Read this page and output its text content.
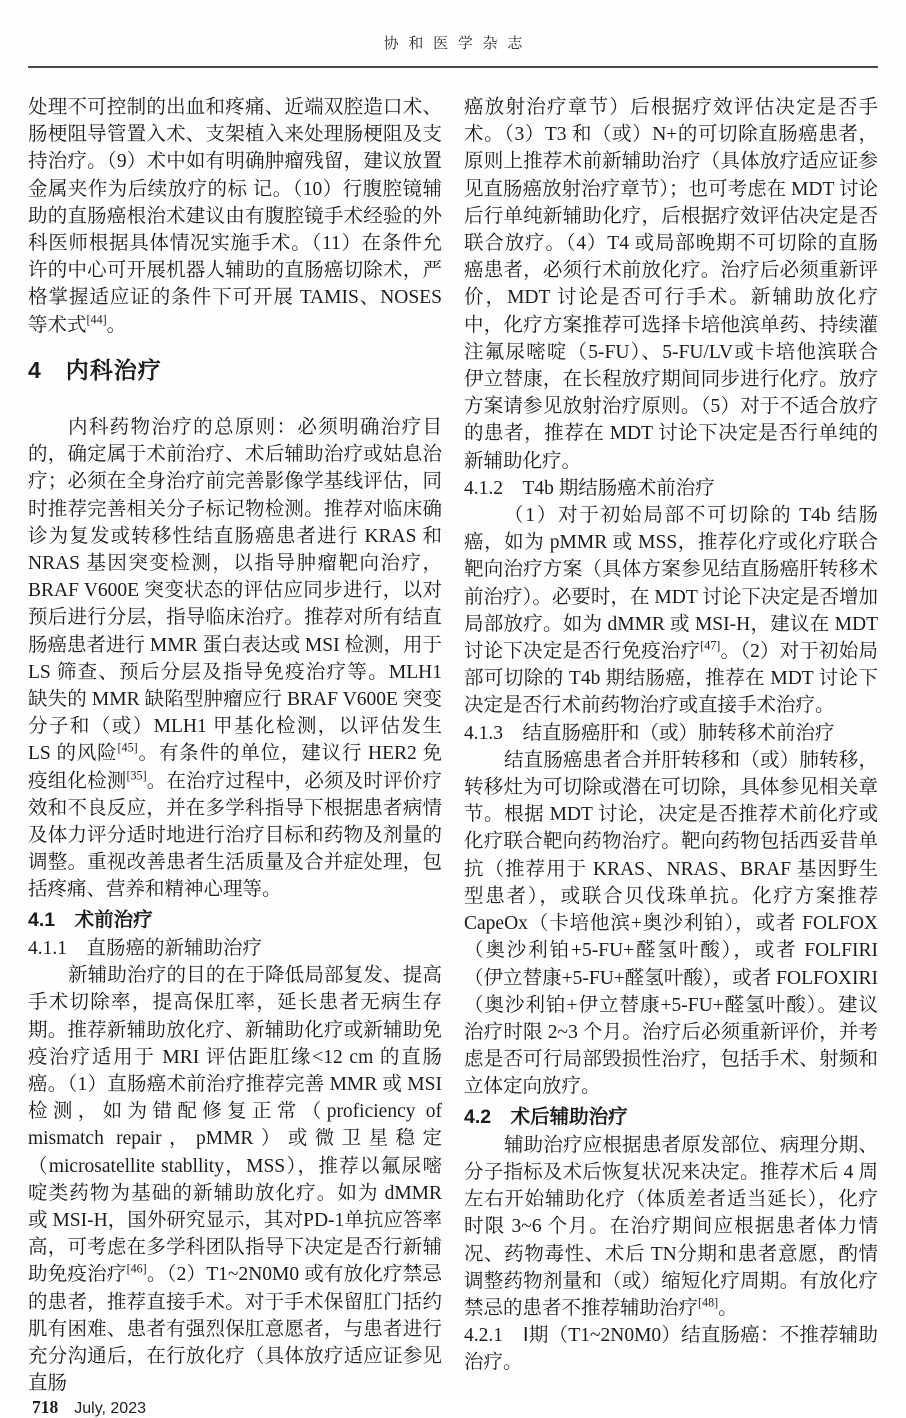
协和医学杂志

处理不可控制的出血和疼痛、近端双腔造口术、肠梗阻导管置入术、支架植入来处理肠梗阻及支持治疗。（9）术中如有明确肿瘤残留，建议放置金属夹作为后续放疗的标 记。（10）行腹腔镜辅助的直肠癌根治术建议由有腹腔镜手术经验的外科医师根据具体情况实施手术。（11）在条件允许的中心可开展机器人辅助的直肠癌切除术，严格掌握适应证的条件下可开展 TAMIS、NOSES 等术式[44]。

4　内科治疗

内科药物治疗的总原则：必须明确治疗目的，确定属于术前治疗、术后辅助治疗或姑息治疗；必须在全身治疗前完善影像学基线评估，同时推荐完善相关分子标记物检测。推荐对临床确诊为复发或转移性结直肠癌患者进行 KRAS 和 NRAS 基因突变检测，以指导肿瘤靶向治疗，BRAF V600E 突变状态的评估应同步进行，以对预后进行分层，指导临床治疗。推荐对所有结直肠癌患者进行 MMR 蛋白表达或 MSI 检测，用于 LS 筛查、预后分层及指导免疫治疗等。MLH1 缺失的 MMR 缺陷型肿瘤应行 BRAF V600E 突变分子和（或）MLH1 甲基化检测，以评估发生 LS 的风险[45]。有条件的单位，建议行 HER2 免疫组化检测[35]。在治疗过程中，必须及时评价疗效和不良反应，并在多学科指导下根据患者病情及体力评分适时地进行治疗目标和药物及剂量的调整。重视改善患者生活质量及合并症处理，包括疼痛、营养和精神心理等。

4.1　术前治疗
4.1.1　直肠癌的新辅助治疗

新辅助治疗的目的在于降低局部复发、提高手术切除率，提高保肛率，延长患者无病生存期。推荐新辅助放化疗、新辅助化疗或新辅助免疫治疗适用于 MRI 评估距肛缘<12 cm 的直肠癌。（1）直肠癌术前治疗推荐完善 MMR 或 MSI 检测，如为错配修复正常（proficiency of mismatch repair，pMMR）或微卫星稳定（microsatellite stabllity，MSS），推荐以氟尿嘧啶类药物为基础的新辅助放化疗。如为 dMMR 或 MSI-H，国外研究显示，其对PD-1单抗应答率高，可考虑在多学科团队指导下决定是否行新辅助免疫治疗[46]。（2）T1~2N0M0 或有放化疗禁忌的患者，推荐直接手术。对于手术保留肛门括约肌有困难、患者有强烈保肛意愿者，与患者进行充分沟通后，在行放化疗（具体放疗适应证参见直肠

癌放射治疗章节）后根据疗效评估决定是否手术。（3）T3 和（或）N+的可切除直肠癌患者，原则上推荐术前新辅助治疗（具体放疗适应证参见直肠癌放射治疗章节）；也可考虑在 MDT 讨论后行单纯新辅助化疗，后根据疗效评估决定是否联合放疗。（4）T4 或局部晚期不可切除的直肠癌患者，必须行术前放化疗。治疗后必须重新评价，MDT 讨论是否可行手术。新辅助放化疗中，化疗方案推荐可选择卡培他滨单药、持续灌注氟尿嘧啶（5-FU）、5-FU/LV或卡培他滨联合伊立替康，在长程放疗期间同步进行化疗。放疗方案请参见放射治疗原则。（5）对于不适合放疗的患者，推荐在 MDT 讨论下决定是否行单纯的新辅助化疗。

4.1.2　T4b 期结肠癌术前治疗

（1）对于初始局部不可切除的 T4b 结肠癌，如为 pMMR 或 MSS，推荐化疗或化疗联合靶向治疗方案（具体方案参见结直肠癌肝转移术前治疗）。必要时，在 MDT 讨论下决定是否增加局部放疗。如为 dMMR 或 MSI-H，建议在 MDT 讨论下决定是否行免疫治疗[47]。（2）对于初始局部可切除的 T4b 期结肠癌，推荐在 MDT 讨论下决定是否行术前药物治疗或直接手术治疗。

4.1.3　结直肠癌肝和（或）肺转移术前治疗

结直肠癌患者合并肝转移和（或）肺转移，转移灶为可切除或潜在可切除，具体参见相关章节。根据 MDT 讨论，决定是否推荐术前化疗或化疗联合靶向药物治疗。靶向药物包括西妥昔单抗（推荐用于 KRAS、NRAS、BRAF 基因野生型患者），或联合贝伐珠单抗。化疗方案推荐 CapeOx（卡培他滨+奥沙利铂），或者 FOLFOX（奥沙利铂+5-FU+醛氢叶酸），或者 FOLFIRI（伊立替康+5-FU+醛氢叶酸），或者 FOLFOXIRI（奥沙利铂+伊立替康+5-FU+醛氢叶酸）。建议治疗时限 2~3 个月。治疗后必须重新评价，并考虑是否可行局部毁损性治疗，包括手术、射频和立体定向放疗。

4.2　术后辅助治疗

辅助治疗应根据患者原发部位、病理分期、分子指标及术后恢复状况来决定。推荐术后 4 周左右开始辅助化疗（体质差者适当延长），化疗时限 3~6 个月。在治疗期间应根据患者体力情况、药物毒性、术后 TN分期和患者意愿，酌情调整药物剂量和（或）缩短化疗周期。有放化疗禁忌的患者不推荐辅助治疗[48]。

4.2.1　Ⅰ期（T1~2N0M0）结直肠癌：不推荐辅助治疗。

718 July, 2023
